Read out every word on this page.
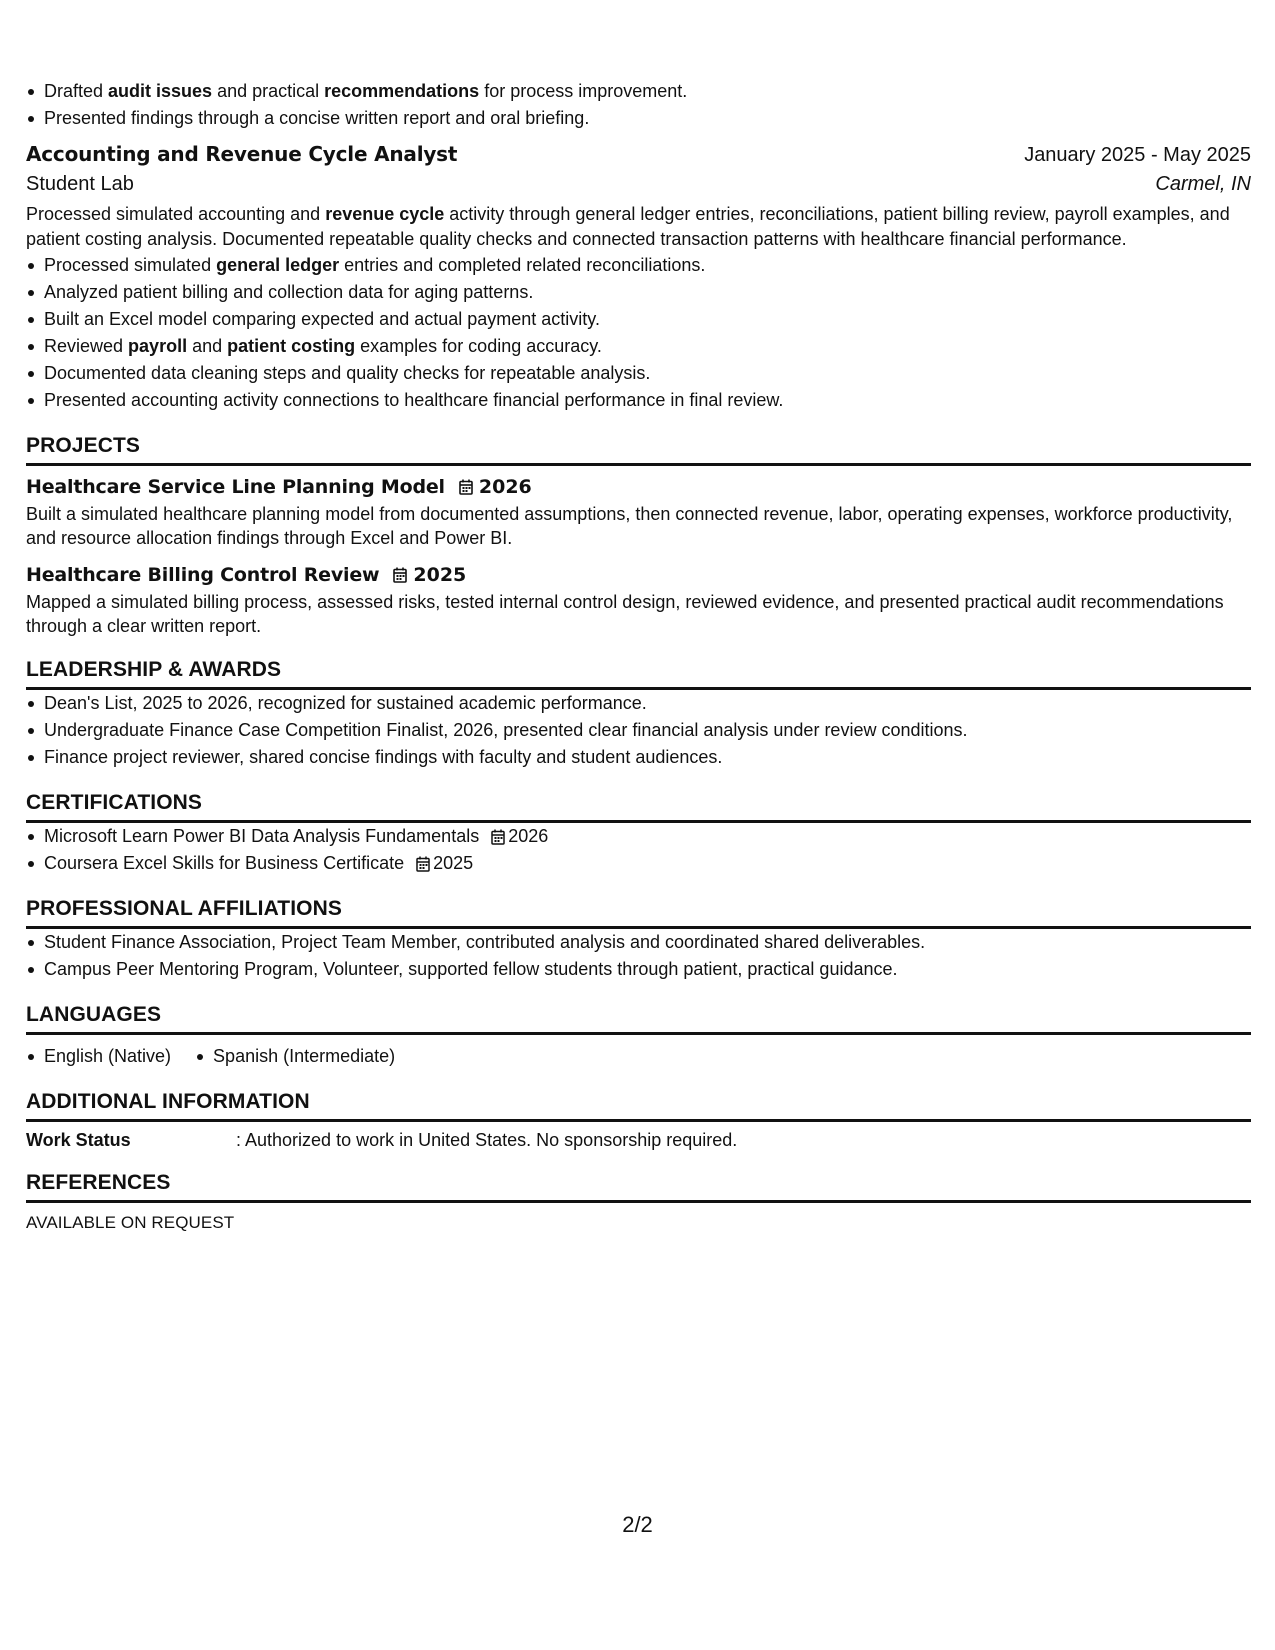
Drafted audit issues and practical recommendations for process improvement.
Presented findings through a concise written report and oral briefing.
Accounting and Revenue Cycle Analyst	January 2025 - May 2025
Student Lab	Carmel, IN
Processed simulated accounting and revenue cycle activity through general ledger entries, reconciliations, patient billing review, payroll examples, and patient costing analysis. Documented repeatable quality checks and connected transaction patterns with healthcare financial performance.
Processed simulated general ledger entries and completed related reconciliations.
Analyzed patient billing and collection data for aging patterns.
Built an Excel model comparing expected and actual payment activity.
Reviewed payroll and patient costing examples for coding accuracy.
Documented data cleaning steps and quality checks for repeatable analysis.
Presented accounting activity connections to healthcare financial performance in final review.
PROJECTS
Healthcare Service Line Planning Model 2026
Built a simulated healthcare planning model from documented assumptions, then connected revenue, labor, operating expenses, workforce productivity, and resource allocation findings through Excel and Power BI.
Healthcare Billing Control Review 2025
Mapped a simulated billing process, assessed risks, tested internal control design, reviewed evidence, and presented practical audit recommendations through a clear written report.
LEADERSHIP & AWARDS
Dean's List, 2025 to 2026, recognized for sustained academic performance.
Undergraduate Finance Case Competition Finalist, 2026, presented clear financial analysis under review conditions.
Finance project reviewer, shared concise findings with faculty and student audiences.
CERTIFICATIONS
Microsoft Learn Power BI Data Analysis Fundamentals 2026
Coursera Excel Skills for Business Certificate 2025
PROFESSIONAL AFFILIATIONS
Student Finance Association, Project Team Member, contributed analysis and coordinated shared deliverables.
Campus Peer Mentoring Program, Volunteer, supported fellow students through patient, practical guidance.
LANGUAGES
English (Native) Spanish (Intermediate)
ADDITIONAL INFORMATION
Work Status	: Authorized to work in United States. No sponsorship required.
REFERENCES
AVAILABLE ON REQUEST
2/2
